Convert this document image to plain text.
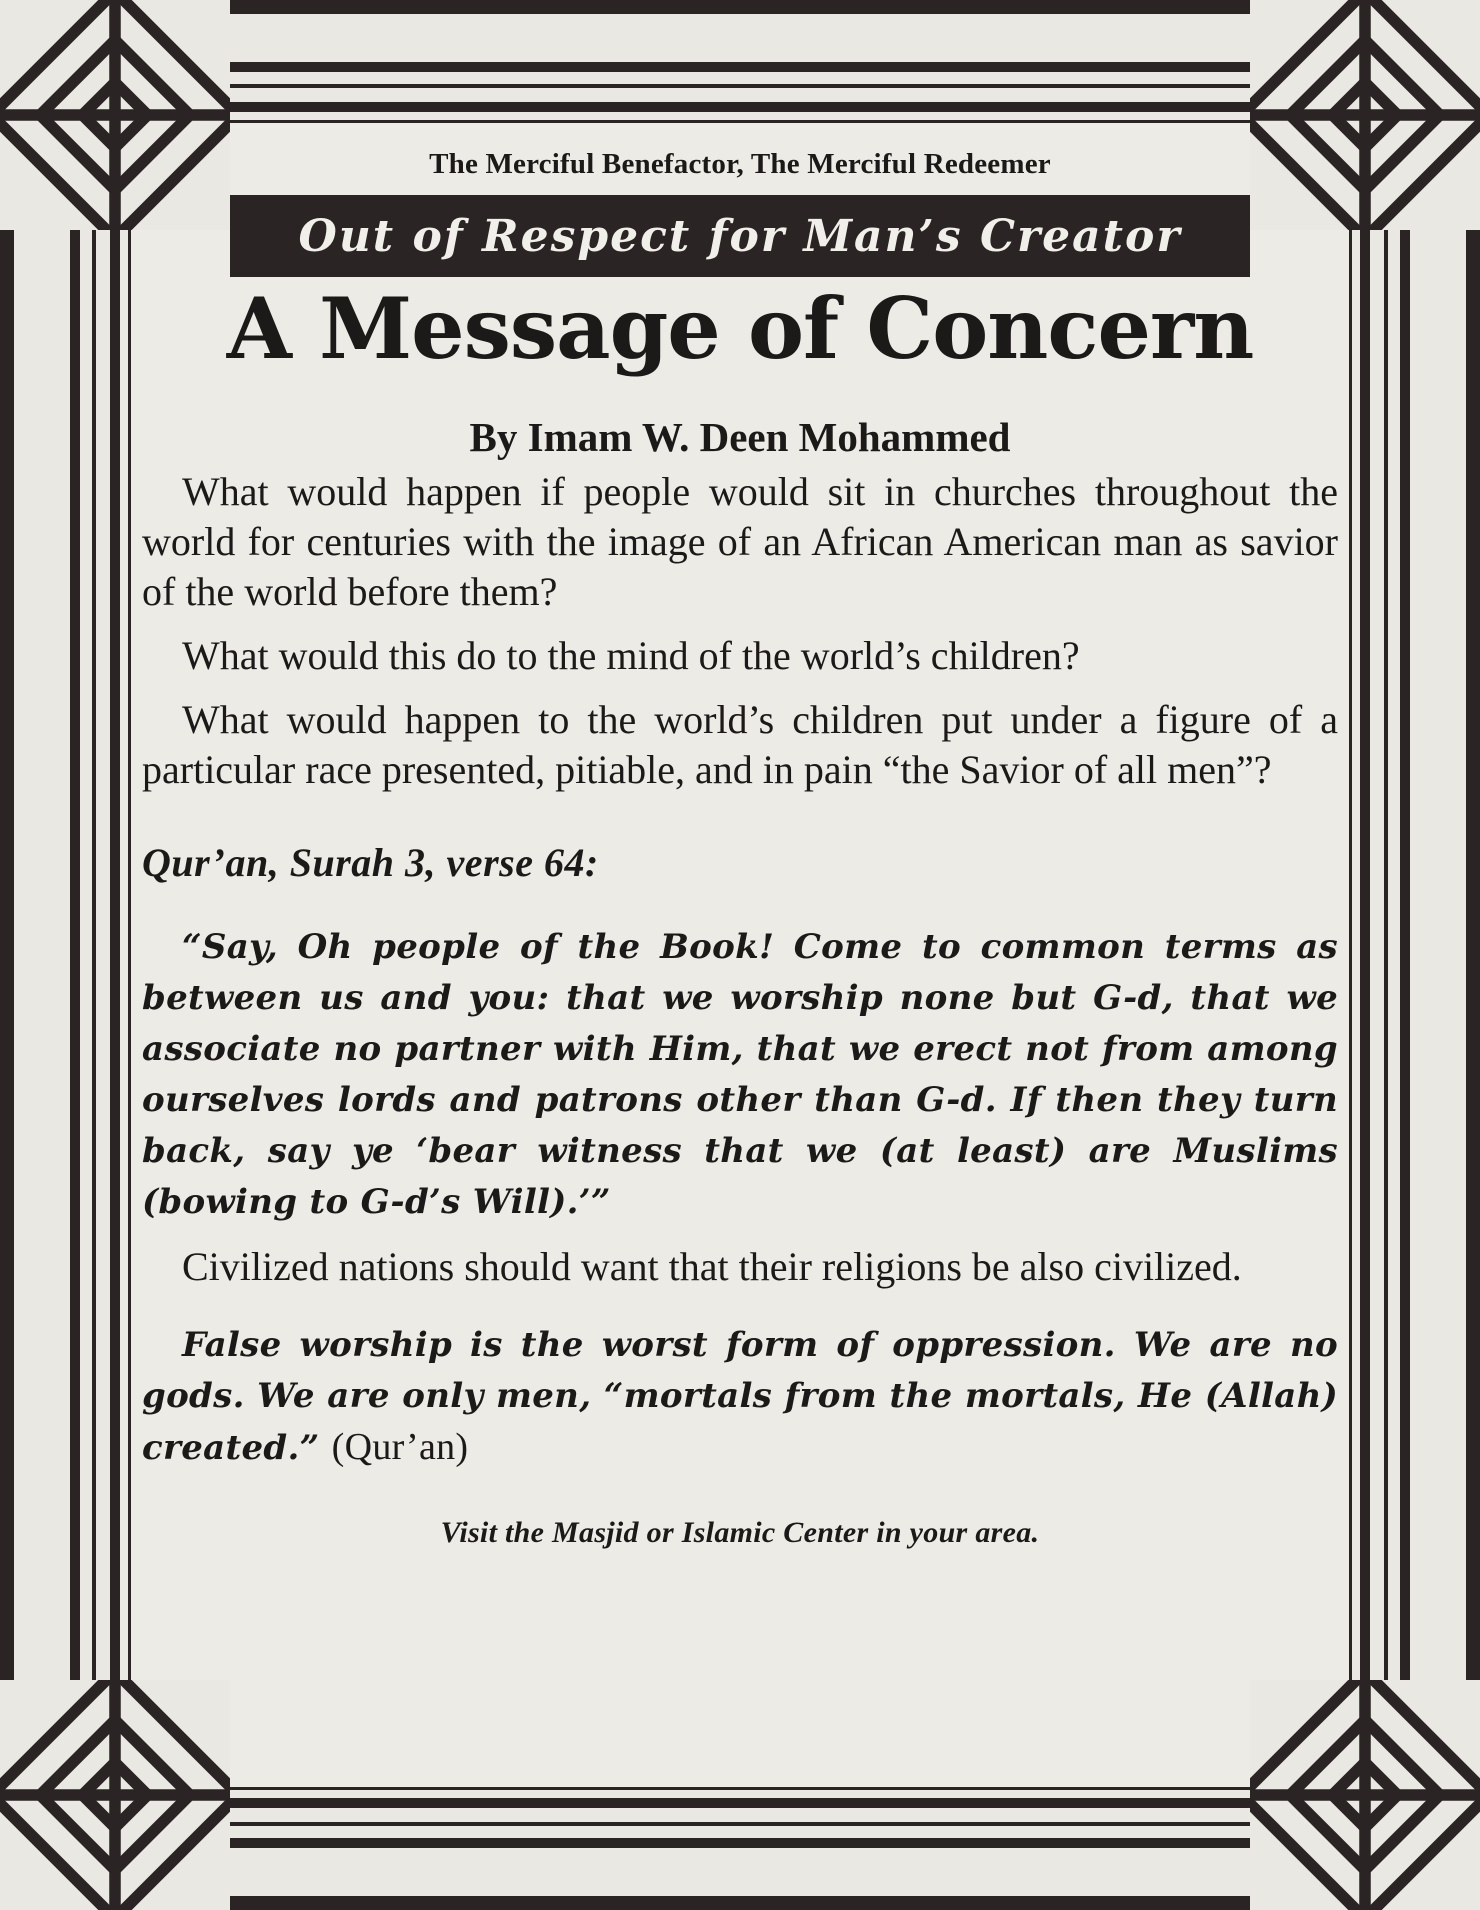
The Merciful Benefactor, The Merciful Redeemer

Out of Respect for Man’s Creator
A Message of Concern

By Imam W. Deen Mohammed

What would happen if people would sit in churches throughout the world for centuries with the image of an African American man as savior of the world before them?

What would this do to the mind of the world’s children?

What would happen to the world’s children put under a figure of a particular race presented, pitiable, and in pain “the Savior of all men”?

Qur’an, Surah 3, verse 64:

“Say, Oh people of the Book! Come to common terms as between us and you: that we worship none but G-d, that we associate no partner with Him, that we erect not from among ourselves lords and patrons other than G-d. If then they turn back, say ye ‘bear witness that we (at least) are Muslims (bowing to G-d’s Will).’”

Civilized nations should want that their religions be also civilized.

False worship is the worst form of oppression. We are no gods. We are only men, “mortals from the mortals, He (Allah) created.” (Qur’an)

Visit the Masjid or Islamic Center in your area.
